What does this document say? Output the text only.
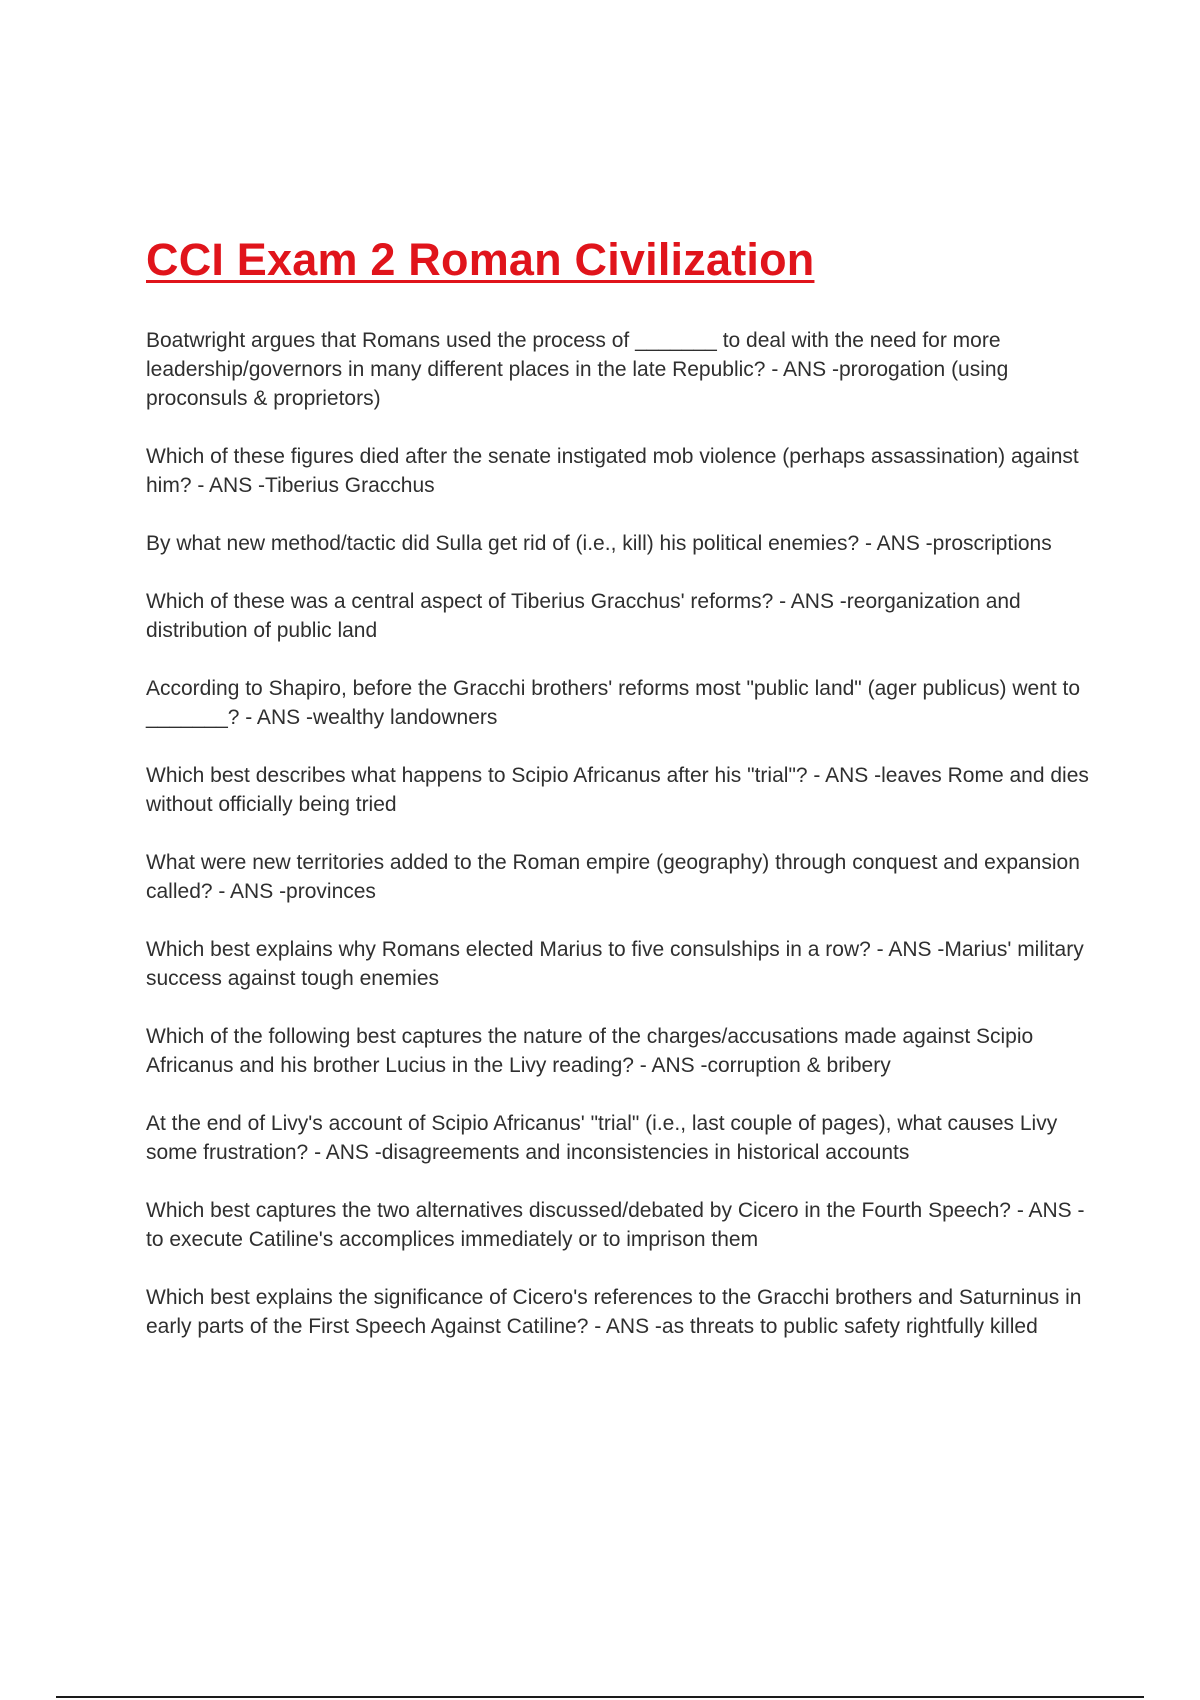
CCI Exam 2 Roman Civilization
Boatwright argues that Romans used the process of _______ to deal with the need for more leadership/governors in many different places in the late Republic? - ANS -prorogation (using proconsuls & proprietors)
Which of these figures died after the senate instigated mob violence (perhaps assassination) against him? - ANS -Tiberius Gracchus
By what new method/tactic did Sulla get rid of (i.e., kill) his political enemies? - ANS -proscriptions
Which of these was a central aspect of Tiberius Gracchus' reforms? - ANS -reorganization and distribution of public land
According to Shapiro, before the Gracchi brothers' reforms most "public land" (ager publicus) went to _______? - ANS -wealthy landowners
Which best describes what happens to Scipio Africanus after his "trial"? - ANS -leaves Rome and dies without officially being tried
What were new territories added to the Roman empire (geography) through conquest and expansion called? - ANS -provinces
Which best explains why Romans elected Marius to five consulships in a row? - ANS -Marius' military success against tough enemies
Which of the following best captures the nature of the charges/accusations made against Scipio Africanus and his brother Lucius in the Livy reading? - ANS -corruption & bribery
At the end of Livy's account of Scipio Africanus' "trial" (i.e., last couple of pages), what causes Livy some frustration? - ANS -disagreements and inconsistencies in historical accounts
Which best captures the two alternatives discussed/debated by Cicero in the Fourth Speech? - ANS -to execute Catiline's accomplices immediately or to imprison them
Which best explains the significance of Cicero's references to the Gracchi brothers and Saturninus in early parts of the First Speech Against Catiline? - ANS -as threats to public safety rightfully killed
